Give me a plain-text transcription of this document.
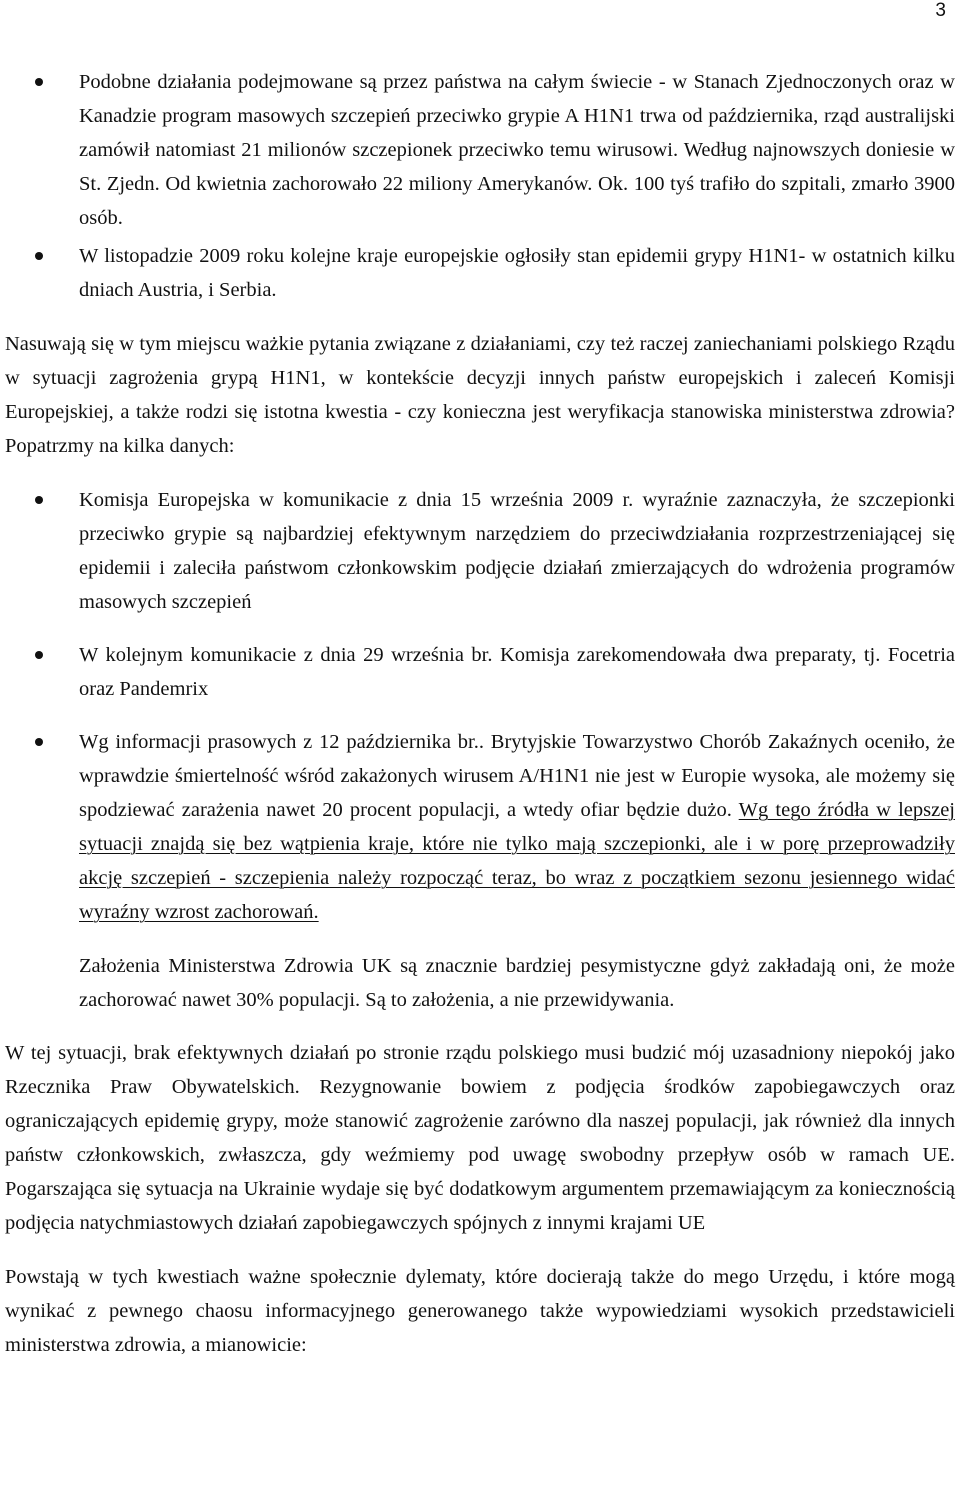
3

Podobne działania podejmowane są przez państwa na całym świecie - w Stanach Zjednoczonych oraz w Kanadzie program masowych szczepień przeciwko grypie A H1N1 trwa od października, rząd australijski zamówił natomiast 21 milionów szczepionek przeciwko temu wirusowi. Według najnowszych doniesie w St. Zjedn. Od kwietnia zachorowało 22 miliony Amerykanów. Ok. 100 tyś trafiło do szpitali, zmarło 3900 osób.

W listopadzie 2009 roku kolejne kraje europejskie ogłosiły stan epidemii grypy H1N1- w ostatnich kilku dniach Austria, i Serbia.

Nasuwają się w tym miejscu ważkie pytania związane z działaniami, czy też raczej zaniechaniami polskiego Rządu w sytuacji zagrożenia grypą H1N1, w kontekście decyzji innych państw europejskich i zaleceń Komisji Europejskiej, a także rodzi się istotna kwestia - czy konieczna jest weryfikacja stanowiska ministerstwa zdrowia? Popatrzmy na kilka danych:

Komisja Europejska w komunikacie z dnia 15 września 2009 r. wyraźnie zaznaczyła, że szczepionki przeciwko grypie są najbardziej efektywnym narzędziem do przeciwdziałania rozprzestrzeniającej się epidemii i zaleciła państwom członkowskim podjęcie działań zmierzających do wdrożenia programów masowych szczepień

W kolejnym komunikacie z dnia 29 września br. Komisja zarekomendowała dwa preparaty, tj. Focetria oraz Pandemrix

Wg informacji prasowych z 12 października br.. Brytyjskie Towarzystwo Chorób Zakaźnych oceniło, że wprawdzie śmiertelność wśród zakażonych wirusem A/H1N1 nie jest w Europie wysoka, ale możemy się spodziewać zarażenia nawet 20 procent populacji, a wtedy ofiar będzie dużo. Wg tego źródła w lepszej sytuacji znajdą się bez wątpienia kraje, które nie tylko mają szczepionki, ale i w porę przeprowadziły akcję szczepień - szczepienia należy rozpocząć teraz, bo wraz z początkiem sezonu jesiennego widać wyraźny wzrost zachorowań.

Założenia Ministerstwa Zdrowia UK są znacznie bardziej pesymistyczne gdyż zakładają oni, że może zachorować nawet 30% populacji. Są to założenia, a nie przewidywania.

W tej sytuacji, brak efektywnych działań po stronie rządu polskiego musi budzić mój uzasadniony niepokój jako Rzecznika Praw Obywatelskich. Rezygnowanie bowiem z podjęcia środków zapobiegawczych oraz ograniczających epidemię grypy, może stanowić zagrożenie zarówno dla naszej populacji, jak również dla innych państw członkowskich, zwłaszcza, gdy weźmiemy pod uwagę swobodny przepływ osób w ramach UE. Pogarszająca się sytuacja na Ukrainie wydaje się być dodatkowym argumentem przemawiającym za koniecznością podjęcia natychmiastowych działań zapobiegawczych spójnych z innymi krajami UE

Powstają w tych kwestiach ważne społecznie dylematy, które docierają także do mego Urzędu, i które mogą wynikać z pewnego chaosu informacyjnego generowanego także wypowiedziami wysokich przedstawicieli ministerstwa zdrowia, a mianowicie:
